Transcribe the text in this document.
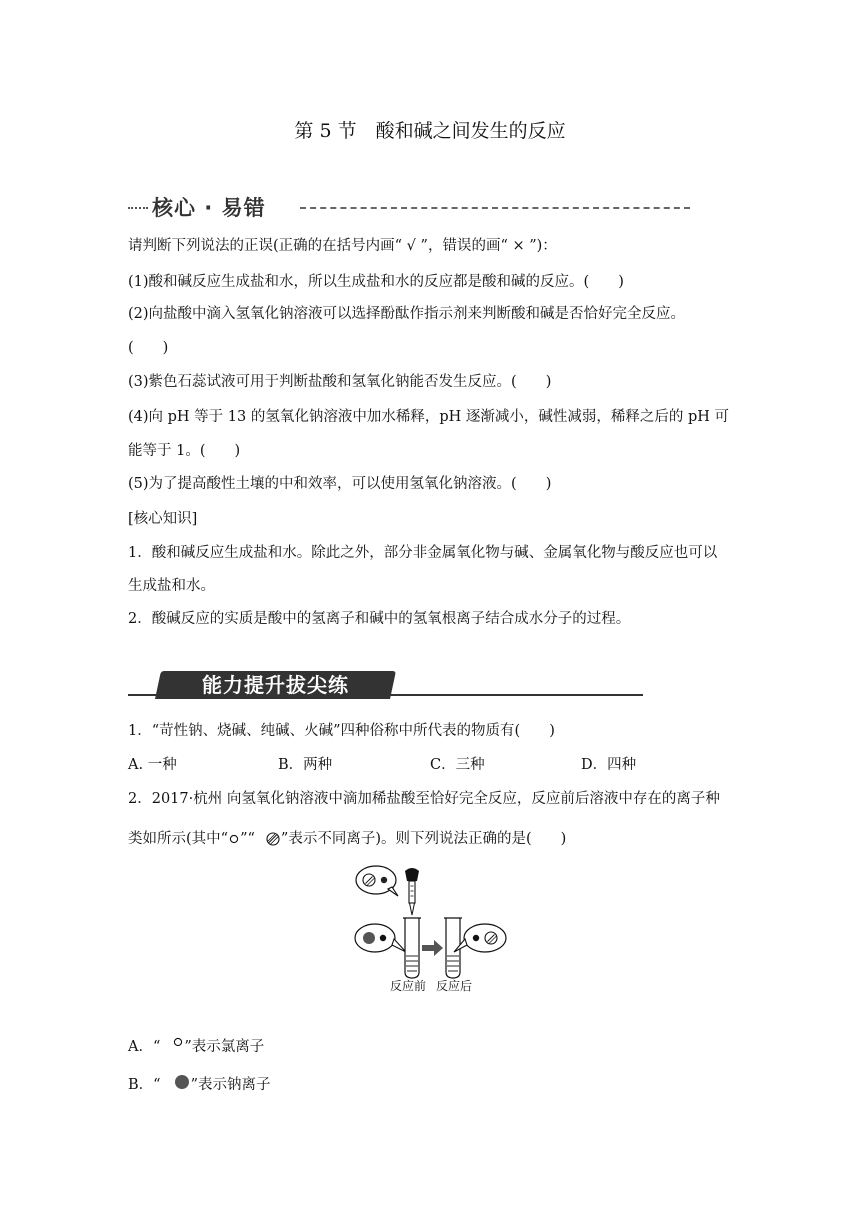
第 5 节　酸和碱之间发生的反应
核心 · 易错
请判断下列说法的正误(正确的在括号内画“ √ ”，错误的画“ × ”)：
(1)酸和碱反应生成盐和水，所以生成盐和水的反应都是酸和碱的反应。(　　)
(2)向盐酸中滴入氢氧化钠溶液可以选择酚酞作指示剂来判断酸和碱是否恰好完全反应。
(　　)
(3)紫色石蕊试液可用于判断盐酸和氢氧化钠能否发生反应。(　　)
(4)向 pH 等于 13 的氢氧化钠溶液中加水稀释，pH 逐渐减小，碱性减弱，稀释之后的 pH 可
能等于 1。(　　)
(5)为了提高酸性土壤的中和效率，可以使用氢氧化钠溶液。(　　)
[核心知识]
1．酸和碱反应生成盐和水。除此之外，部分非金属氧化物与碱、金属氧化物与酸反应也可以
生成盐和水。
2．酸碱反应的实质是酸中的氢离子和碱中的氢氧根离子结合成水分子的过程。
能力提升拔尖练
1．“苛性钠、烧碱、纯碱、火碱”四种俗称中所代表的物质有(　　)
A. 一种	B．两种	C．三种	D．四种
2．2017·杭州 向氢氧化钠溶液中滴加稀盐酸至恰好完全反应，反应前后溶液中存在的离子种
类如所示(其中“ ”“ ”表示不同离子)。则下列说法正确的是(　　)
反应前 反应后
A．“ ”表示氯离子
B．“ ”表示钠离子
